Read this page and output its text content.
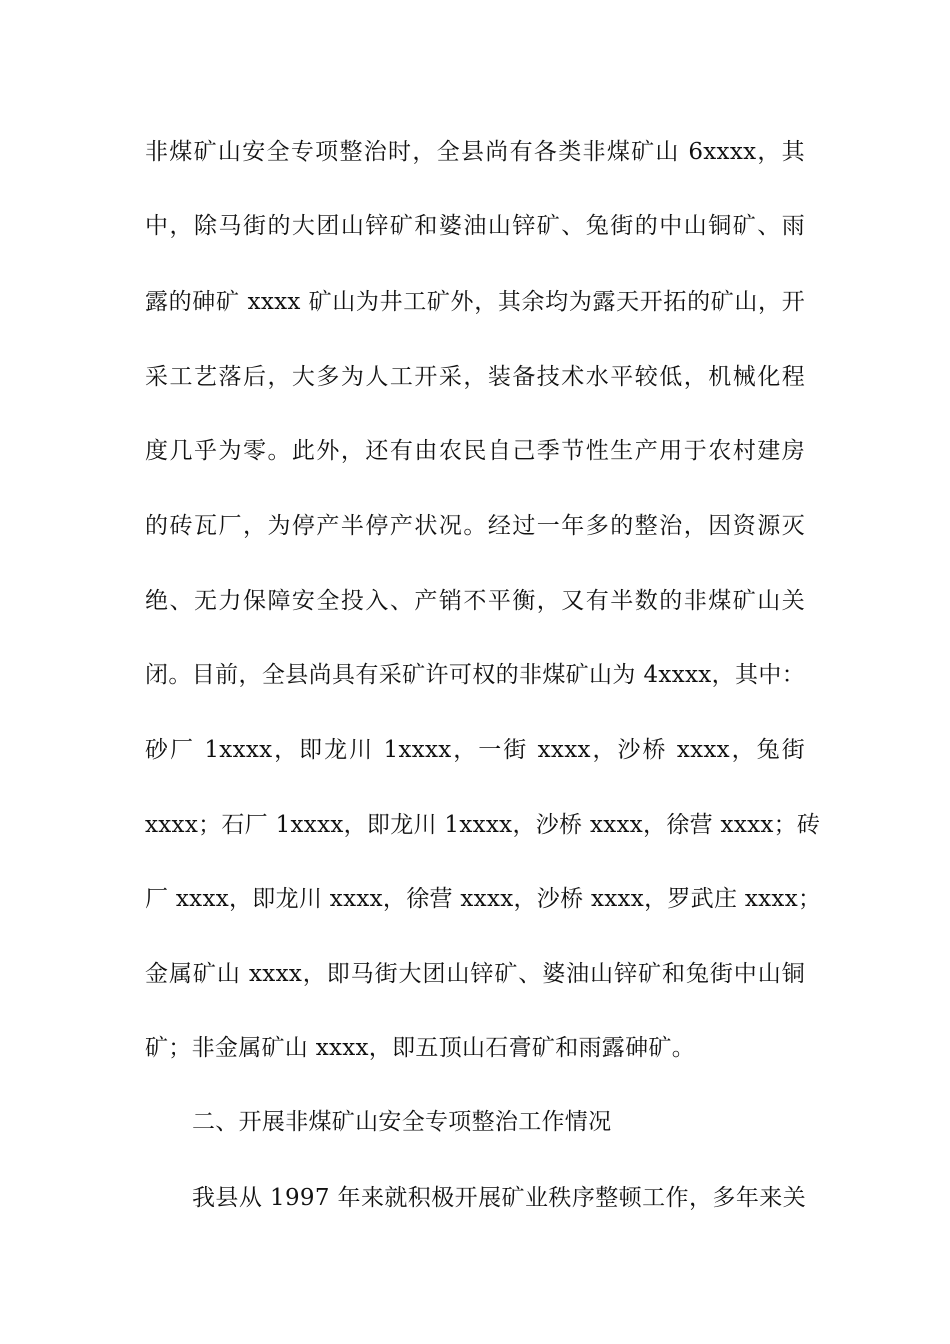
非煤矿山安全专项整治时，全县尚有各类非煤矿山 6xxxx，其
中，除马街的大团山锌矿和婆油山锌矿、兔街的中山铜矿、雨
露的砷矿 xxxx 矿山为井工矿外，其余均为露天开拓的矿山，开
采工艺落后，大多为人工开采，装备技术水平较低，机械化程
度几乎为零。此外，还有由农民自己季节性生产用于农村建房
的砖瓦厂，为停产半停产状况。经过一年多的整治，因资源灭
绝、无力保障安全投入、产销不平衡，又有半数的非煤矿山关
闭。目前，全县尚具有采矿许可权的非煤矿山为 4xxxx，其中：
砂厂 1xxxx，即龙川 1xxxx，一街 xxxx，沙桥 xxxx，兔街
xxxx；石厂 1xxxx，即龙川 1xxxx，沙桥 xxxx，徐营 xxxx；砖
厂 xxxx，即龙川 xxxx，徐营 xxxx，沙桥 xxxx，罗武庄 xxxx；
金属矿山 xxxx，即马街大团山锌矿、婆油山锌矿和兔街中山铜
矿；非金属矿山 xxxx，即五顶山石膏矿和雨露砷矿。
二、开展非煤矿山安全专项整治工作情况
我县从 1997 年来就积极开展矿业秩序整顿工作，多年来关
